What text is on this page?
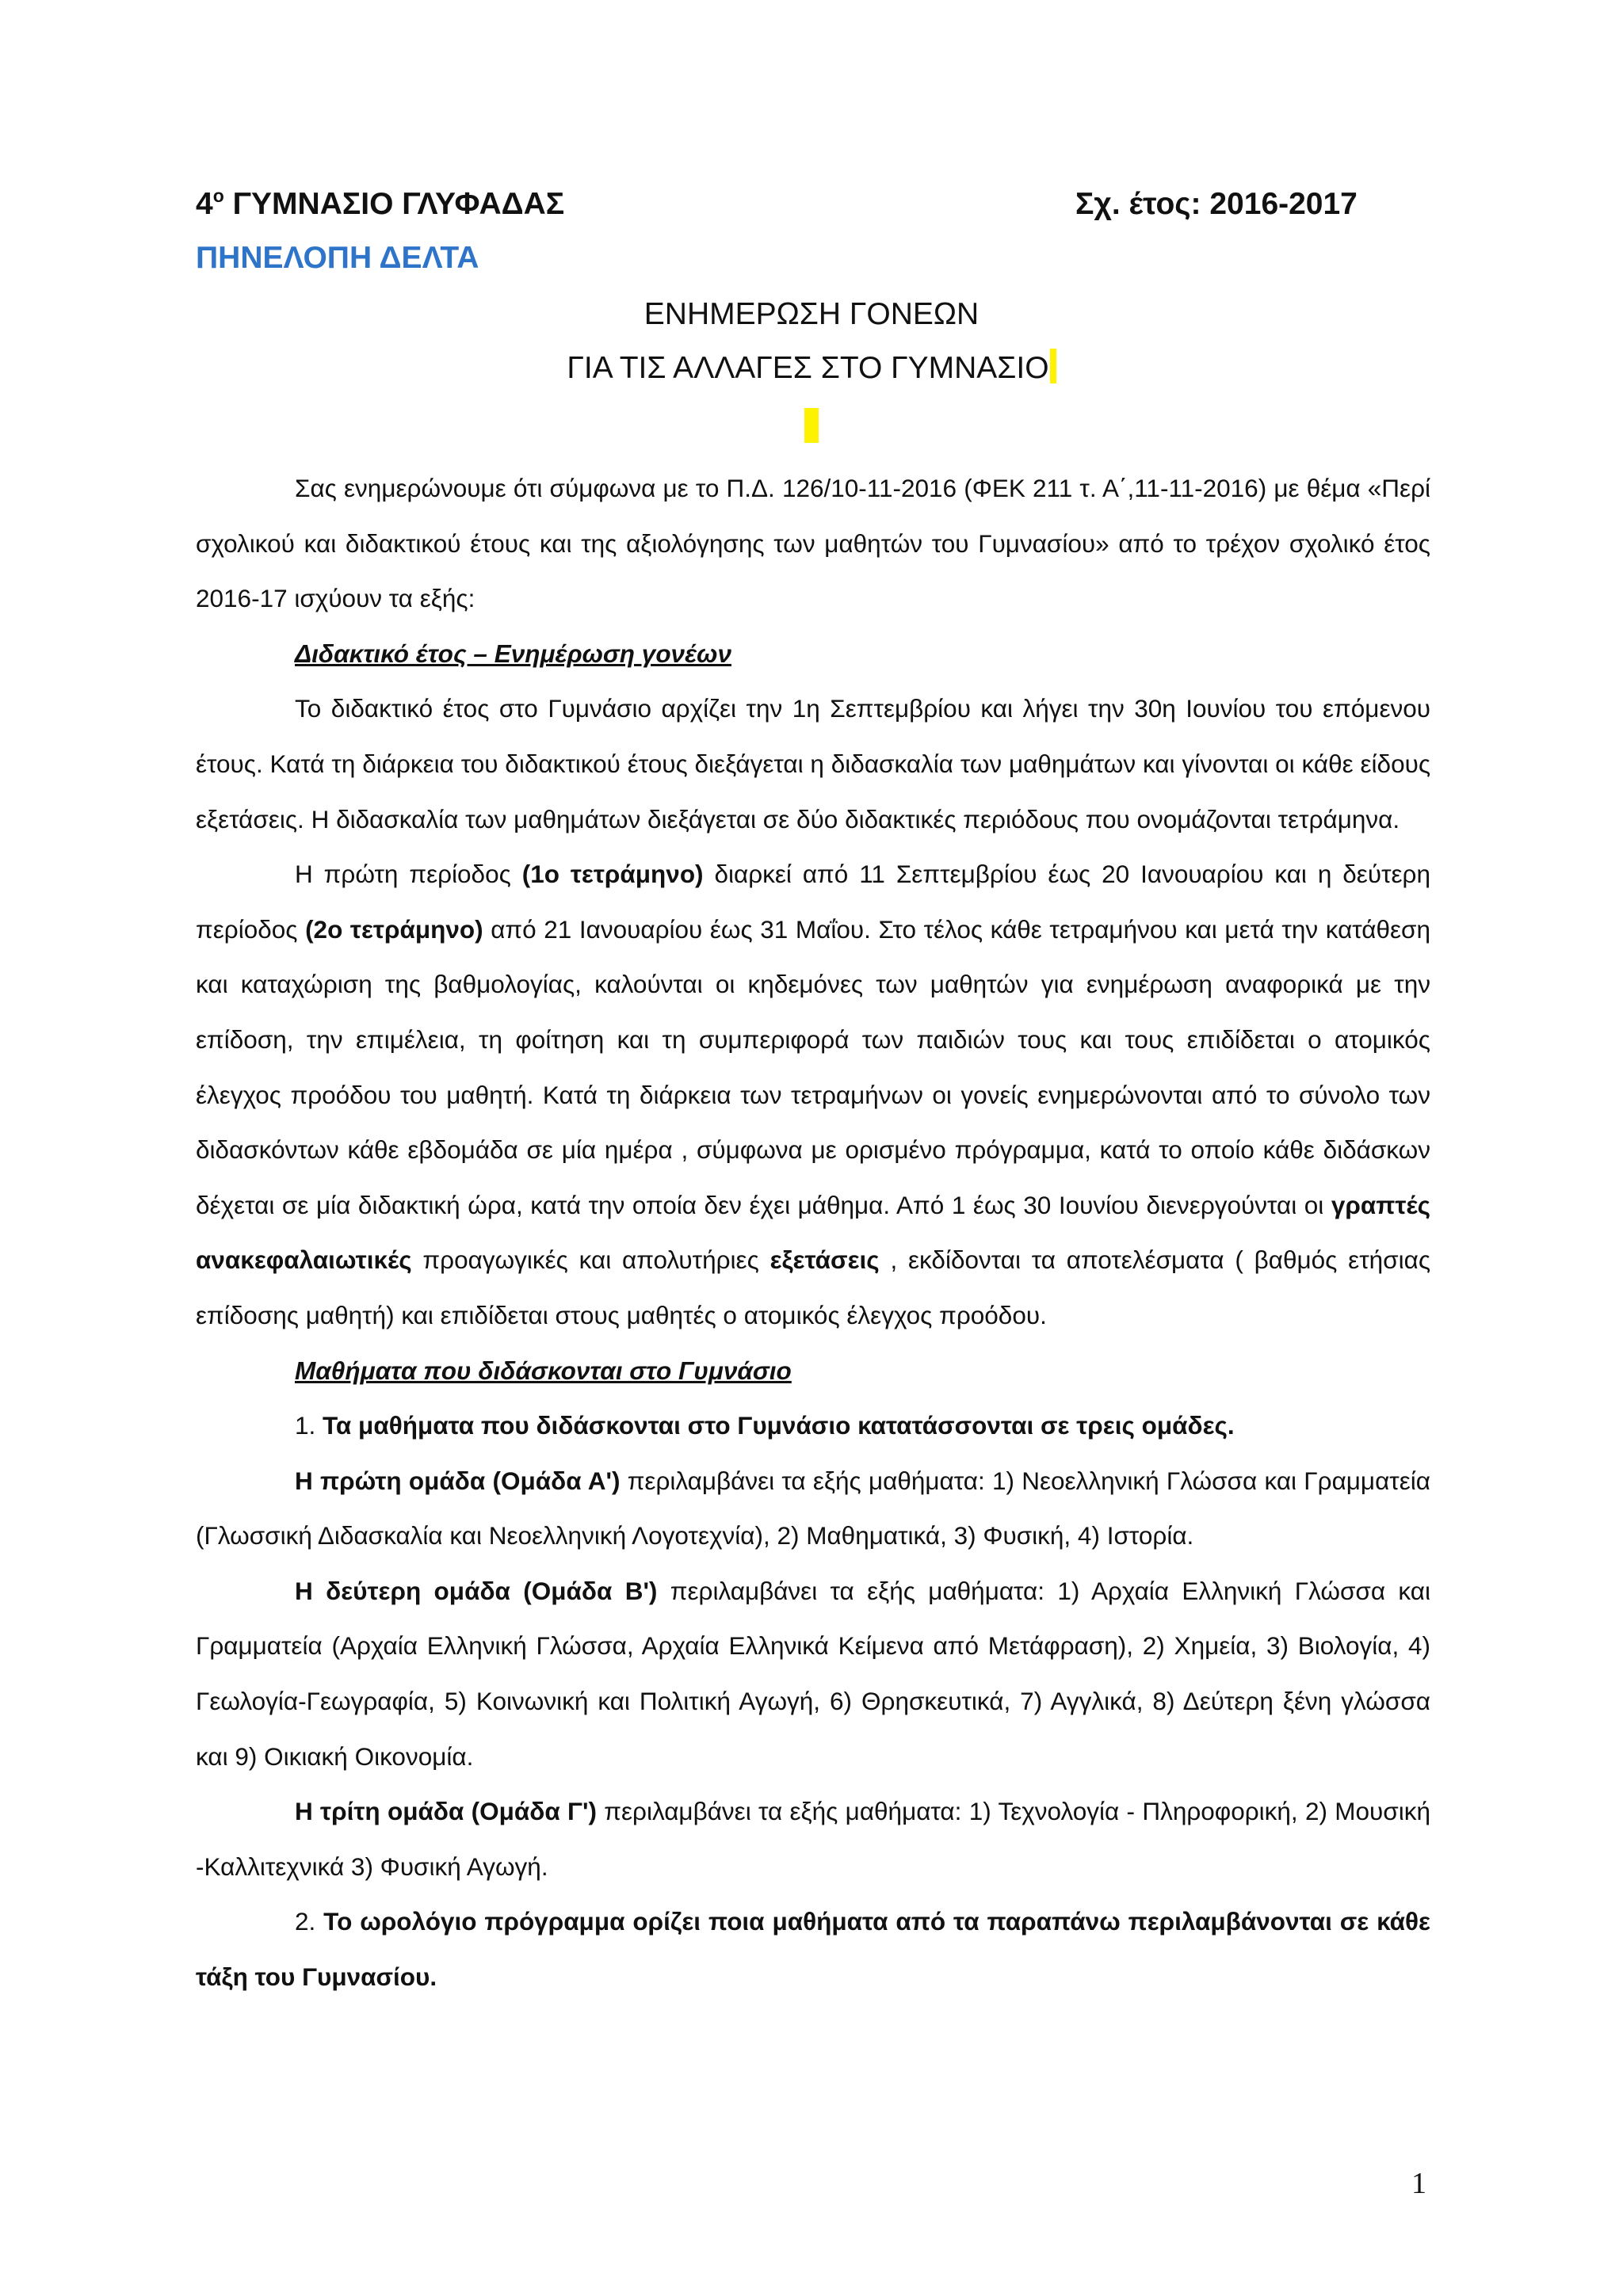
$4^o$ ΓΥΜΝΑΣΙΟ ΓΛΥΦΑΔΑΣ	Σχ. έτος: 2016-2017
ΠΗΝΕΛΟΠΗ ΔΕΛΤΑ
ΕΝΗΜΕΡΩΣΗ ΓΟΝΕΩΝ
ΓΙΑ ΤΙΣ ΑΛΛΑΓΕΣ ΣΤΟ ΓΥΜΝΑΣΙΟ

Σας ενημερώνουμε ότι σύμφωνα με το Π.Δ. 126/10-11-2016 (ΦΕΚ 211 τ. Α΄,11-11-2016) με θέμα «Περί σχολικού και διδακτικού έτους και της αξιολόγησης των μαθητών του Γυμνασίου» από το τρέχον σχολικό έτος 2016-17 ισχύουν τα εξής:

Διδακτικό έτος – Ενημέρωση γονέων

Το διδακτικό έτος στο Γυμνάσιο αρχίζει την 1η Σεπτεμβρίου και λήγει την 30η Ιουνίου του επόμενου έτους. Κατά τη διάρκεια του διδακτικού έτους διεξάγεται η διδασκαλία των μαθημάτων και γίνονται οι κάθε είδους εξετάσεις. Η διδασκαλία των μαθημάτων διεξάγεται σε δύο διδακτικές περιόδους που ονομάζονται τετράμηνα.

Η πρώτη περίοδος (1ο τετράμηνο) διαρκεί από 11 Σεπτεμβρίου έως 20 Ιανουαρίου και η δεύτερη περίοδος (2ο τετράμηνο) από 21 Ιανουαρίου έως 31 Μαΐου. Στο τέλος κάθε τετραμήνου και μετά την κατάθεση και καταχώριση της βαθμολογίας, καλούνται οι κηδεμόνες των μαθητών για ενημέρωση αναφορικά με την επίδοση, την επιμέλεια, τη φοίτηση και τη συμπεριφορά των παιδιών τους και τους επιδίδεται ο ατομικός έλεγχος προόδου του μαθητή. Κατά τη διάρκεια των τετραμήνων οι γονείς ενημερώνονται από το σύνολο των διδασκόντων κάθε εβδομάδα σε μία ημέρα , σύμφωνα με ορισμένο πρόγραμμα, κατά το οποίο κάθε διδάσκων δέχεται σε μία διδακτική ώρα, κατά την οποία δεν έχει μάθημα. Από 1 έως 30 Ιουνίου διενεργούνται οι γραπτές ανακεφαλαιωτικές προαγωγικές και απολυτήριες εξετάσεις , εκδίδονται τα αποτελέσματα ( βαθμός ετήσιας επίδοσης μαθητή) και επιδίδεται στους μαθητές ο ατομικός έλεγχος προόδου.

Μαθήματα που διδάσκονται στο Γυμνάσιο

1. Τα μαθήματα που διδάσκονται στο Γυμνάσιο κατατάσσονται σε τρεις ομάδες.

Η πρώτη ομάδα (Ομάδα Α') περιλαμβάνει τα εξής μαθήματα: 1) Νεοελληνική Γλώσσα και Γραμματεία (Γλωσσική Διδασκαλία και Νεοελληνική Λογοτεχνία), 2) Μαθηματικά, 3) Φυσική, 4) Ιστορία.

Η δεύτερη ομάδα (Ομάδα Β') περιλαμβάνει τα εξής μαθήματα: 1) Αρχαία Ελληνική Γλώσσα και Γραμματεία (Αρχαία Ελληνική Γλώσσα, Αρχαία Ελληνικά Κείμενα από Μετάφραση), 2) Χημεία, 3) Βιολογία, 4) Γεωλογία-Γεωγραφία, 5) Κοινωνική και Πολιτική Αγωγή, 6) Θρησκευτικά, 7) Αγγλικά, 8) Δεύτερη ξένη γλώσσα και 9) Οικιακή Οικονομία.

Η τρίτη ομάδα (Ομάδα Γ') περιλαμβάνει τα εξής μαθήματα: 1) Τεχνολογία - Πληροφορική, 2) Μουσική -Καλλιτεχνικά 3) Φυσική Αγωγή.

2. Το ωρολόγιο πρόγραμμα ορίζει ποια μαθήματα από τα παραπάνω περιλαμβάνονται σε κάθε τάξη του Γυμνασίου.

1
